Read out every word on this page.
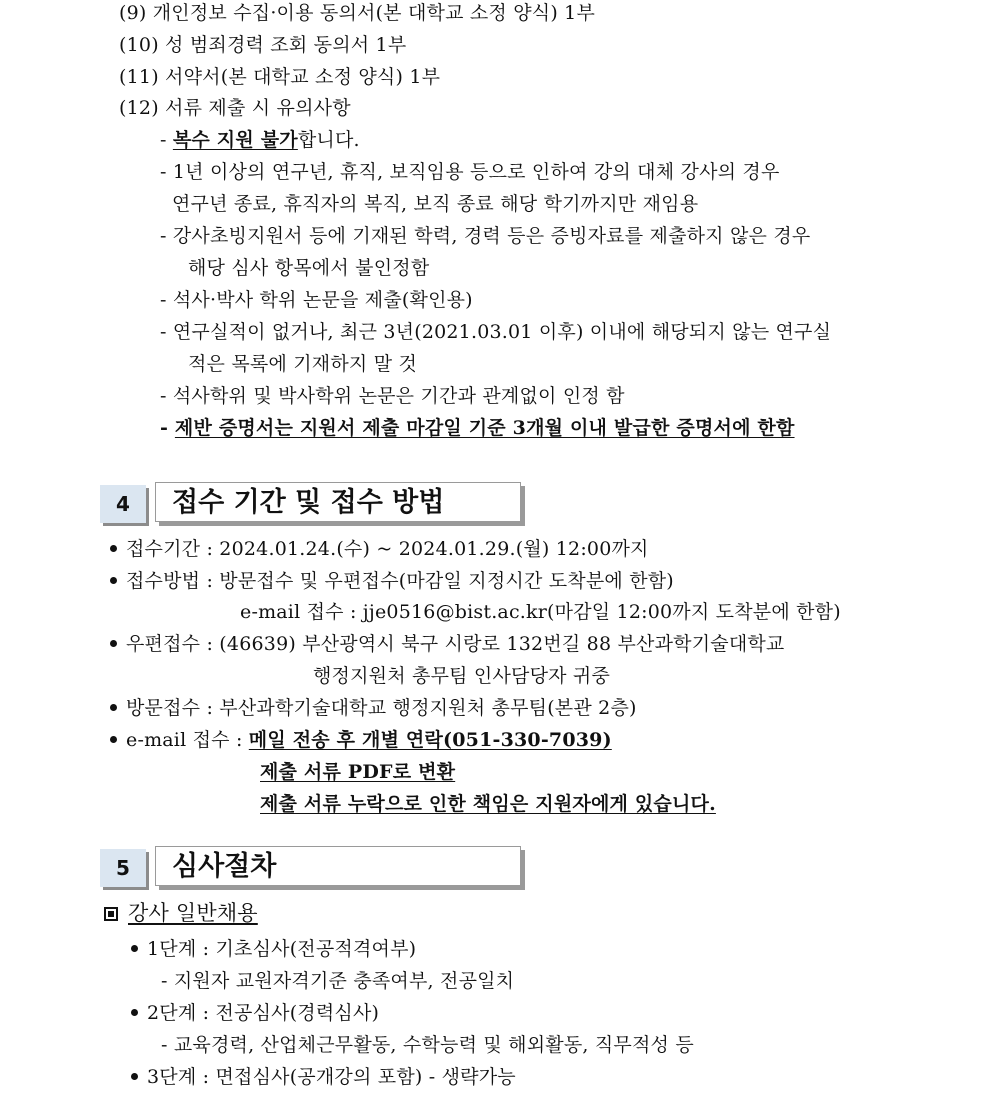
(9) 개인정보 수집·이용 동의서(본 대학교 소정 양식) 1부
(10) 성 범죄경력 조회 동의서 1부
(11) 서약서(본 대학교 소정 양식) 1부
(12) 서류 제출 시 유의사항
- 복수 지원 불가합니다.
- 1년 이상의 연구년, 휴직, 보직임용 등으로 인하여 강의 대체 강사의 경우
연구년 종료, 휴직자의 복직, 보직 종료 해당 학기까지만 재임용
- 강사초빙지원서 등에 기재된 학력, 경력 등은 증빙자료를 제출하지 않은 경우
해당 심사 항목에서 불인정함
- 석사·박사 학위 논문을 제출(확인용)
- 연구실적이 없거나, 최근 3년(2021.03.01 이후) 이내에 해당되지 않는 연구실
적은 목록에 기재하지 말 것
- 석사학위 및 박사학위 논문은 기간과 관계없이 인정 함
- 제반 증명서는 지원서 제출 마감일 기준 3개월 이내 발급한 증명서에 한함
4	접수 기간 및 접수 방법
접수기간 : 2024.01.24.(수) ~ 2024.01.29.(월) 12:00까지
접수방법 : 방문접수 및 우편접수(마감일 지정시간 도착분에 한함)
e-mail 접수 : jje0516@bist.ac.kr(마감일 12:00까지 도착분에 한함)
우편접수 : (46639) 부산광역시 북구 시랑로 132번길 88 부산과학기술대학교
행정지원처 총무팀 인사담당자 귀중
방문접수 : 부산과학기술대학교 행정지원처 총무팀(본관 2층)
e-mail 접수 : 메일 전송 후 개별 연락(051-330-7039)
제출 서류 PDF로 변환
제출 서류 누락으로 인한 책임은 지원자에게 있습니다.
5	심사절차
강사 일반채용
1단계 : 기초심사(전공적격여부)
- 지원자 교원자격기준 충족여부, 전공일치
2단계 : 전공심사(경력심사)
- 교육경력, 산업체근무활동, 수학능력 및 해외활동, 직무적성 등
3단계 : 면접심사(공개강의 포함) - 생략가능
